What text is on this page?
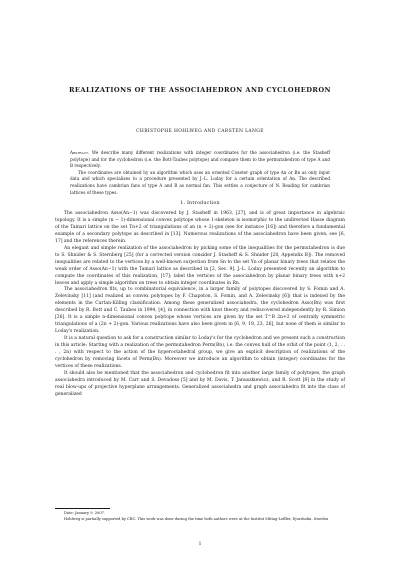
REALIZATIONS OF THE ASSOCIAHEDRON AND CYCLOHEDRON
CHRISTOPHE HOHLWEG AND CARSTEN LANGE

Abstract. We describe many different realizations with integer coordinates for the associahedron (i.e. the Stasheff polytope) and for the cyclohedron (i.e. the Bott-Taubes polytope) and compare them to the permutahedron of type A and B respectively.

The coordinates are obtained by an algorithm which uses an oriented Coxeter graph of type An or Bn as only input data and which specializes to a procedure presented by J.-L. Loday for a certain orientation of An. The described realizations have cambrian fans of type A and B as normal fan. This settles a conjecture of N. Reading for cambrian lattices of these types.

1. Introduction

The associahedron Asso(An−1) was discovered by J. Stasheff in 1963, [27], and is of great importance in algebraic topology. It is a simple (n − 1)-dimensional convex polytope whose 1-skeleton is isomorphic to the undirected Hasse diagram of the Tamari lattice on the set Tn+2 of triangulations of an (n + 2)-gon (see for instance [16]) and therefore a fundamental example of a secondary polytope as described in [13]. Numerous realizations of the associahedron have been given, see [6, 17] and the references therein.

An elegant and simple realization of the associahedron by picking some of the inequalities for the permutahedron is due to S. Shnider & S. Sternberg [25] (for a corrected version consider J. Stasheff & S. Shnider [28, Appendix B]). The removed inequalities are related to the vertices by a well-known surjection from Sn to the set Yn of planar binary trees that relates the weak order of Asso(An−1) with the Tamari lattice as described in [2, Sec. 9]. J.-L. Loday presented recently an algorithm to compute the coordinates of this realization, [17]: label the vertices of the associahedron by planar binary trees with n+2 leaves and apply a simple algorithm on trees to obtain integer coordinates in Rn.

The associahedron fits, up to combinatorial equivalence, in a larger family of polytopes discovered by S. Fomin and A. Zelevinsky [11] (and realized as convex polytopes by F. Chapoton, S. Fomin, and A. Zelevinsky [6]) that is indexed by the elements in the Cartan-Killing classification. Among these generalized associahedra, the cyclohedron Asso(Bn) was first described by R. Bott and C. Taubes in 1994, [4], in connection with knot theory and rediscovered independently by R. Simion [26]. It is a simple n-dimensional convex polytope whose vertices are given by the set T^B 2n+2 of centrally symmetric triangulations of a (2n + 2)-gon. Various realizations have also been given in [6, 9, 19, 23, 26], but none of them is similar to Loday's realization.

It is a natural question to ask for a construction similar to Loday's for the cyclohedron and we present such a construction in this article: Starting with a realization of the permutahedron Perm(Bn), i.e. the convex hull of the orbit of the point (1, 2, . . . , 2n) with respect to the action of the hyperoctahedral group, we give an explicit description of realizations of the cyclohedron by removing facets of Perm(Bn). Moreover we introduce an algorithm to obtain (integer) coordinates for the vertices of these realizations.

It should also be mentioned that the associahedron and cyclohedron fit into another large family of polytopes, the graph associahedra introduced by M. Carr and S. Devadoss [5] and by M. Davis, T. Januszkiewicz, and R. Scott [8] in the study of real blow-ups of projective hyperplane arrangements. Generalized associahedra and graph associahedra fit into the class of generalized

Date: January 9, 2007.

Hohlweg is partially supported by CRC. This work was done during the time both authors were at the Institut Mittag-Leffler, Djursholm, Sweden

1
